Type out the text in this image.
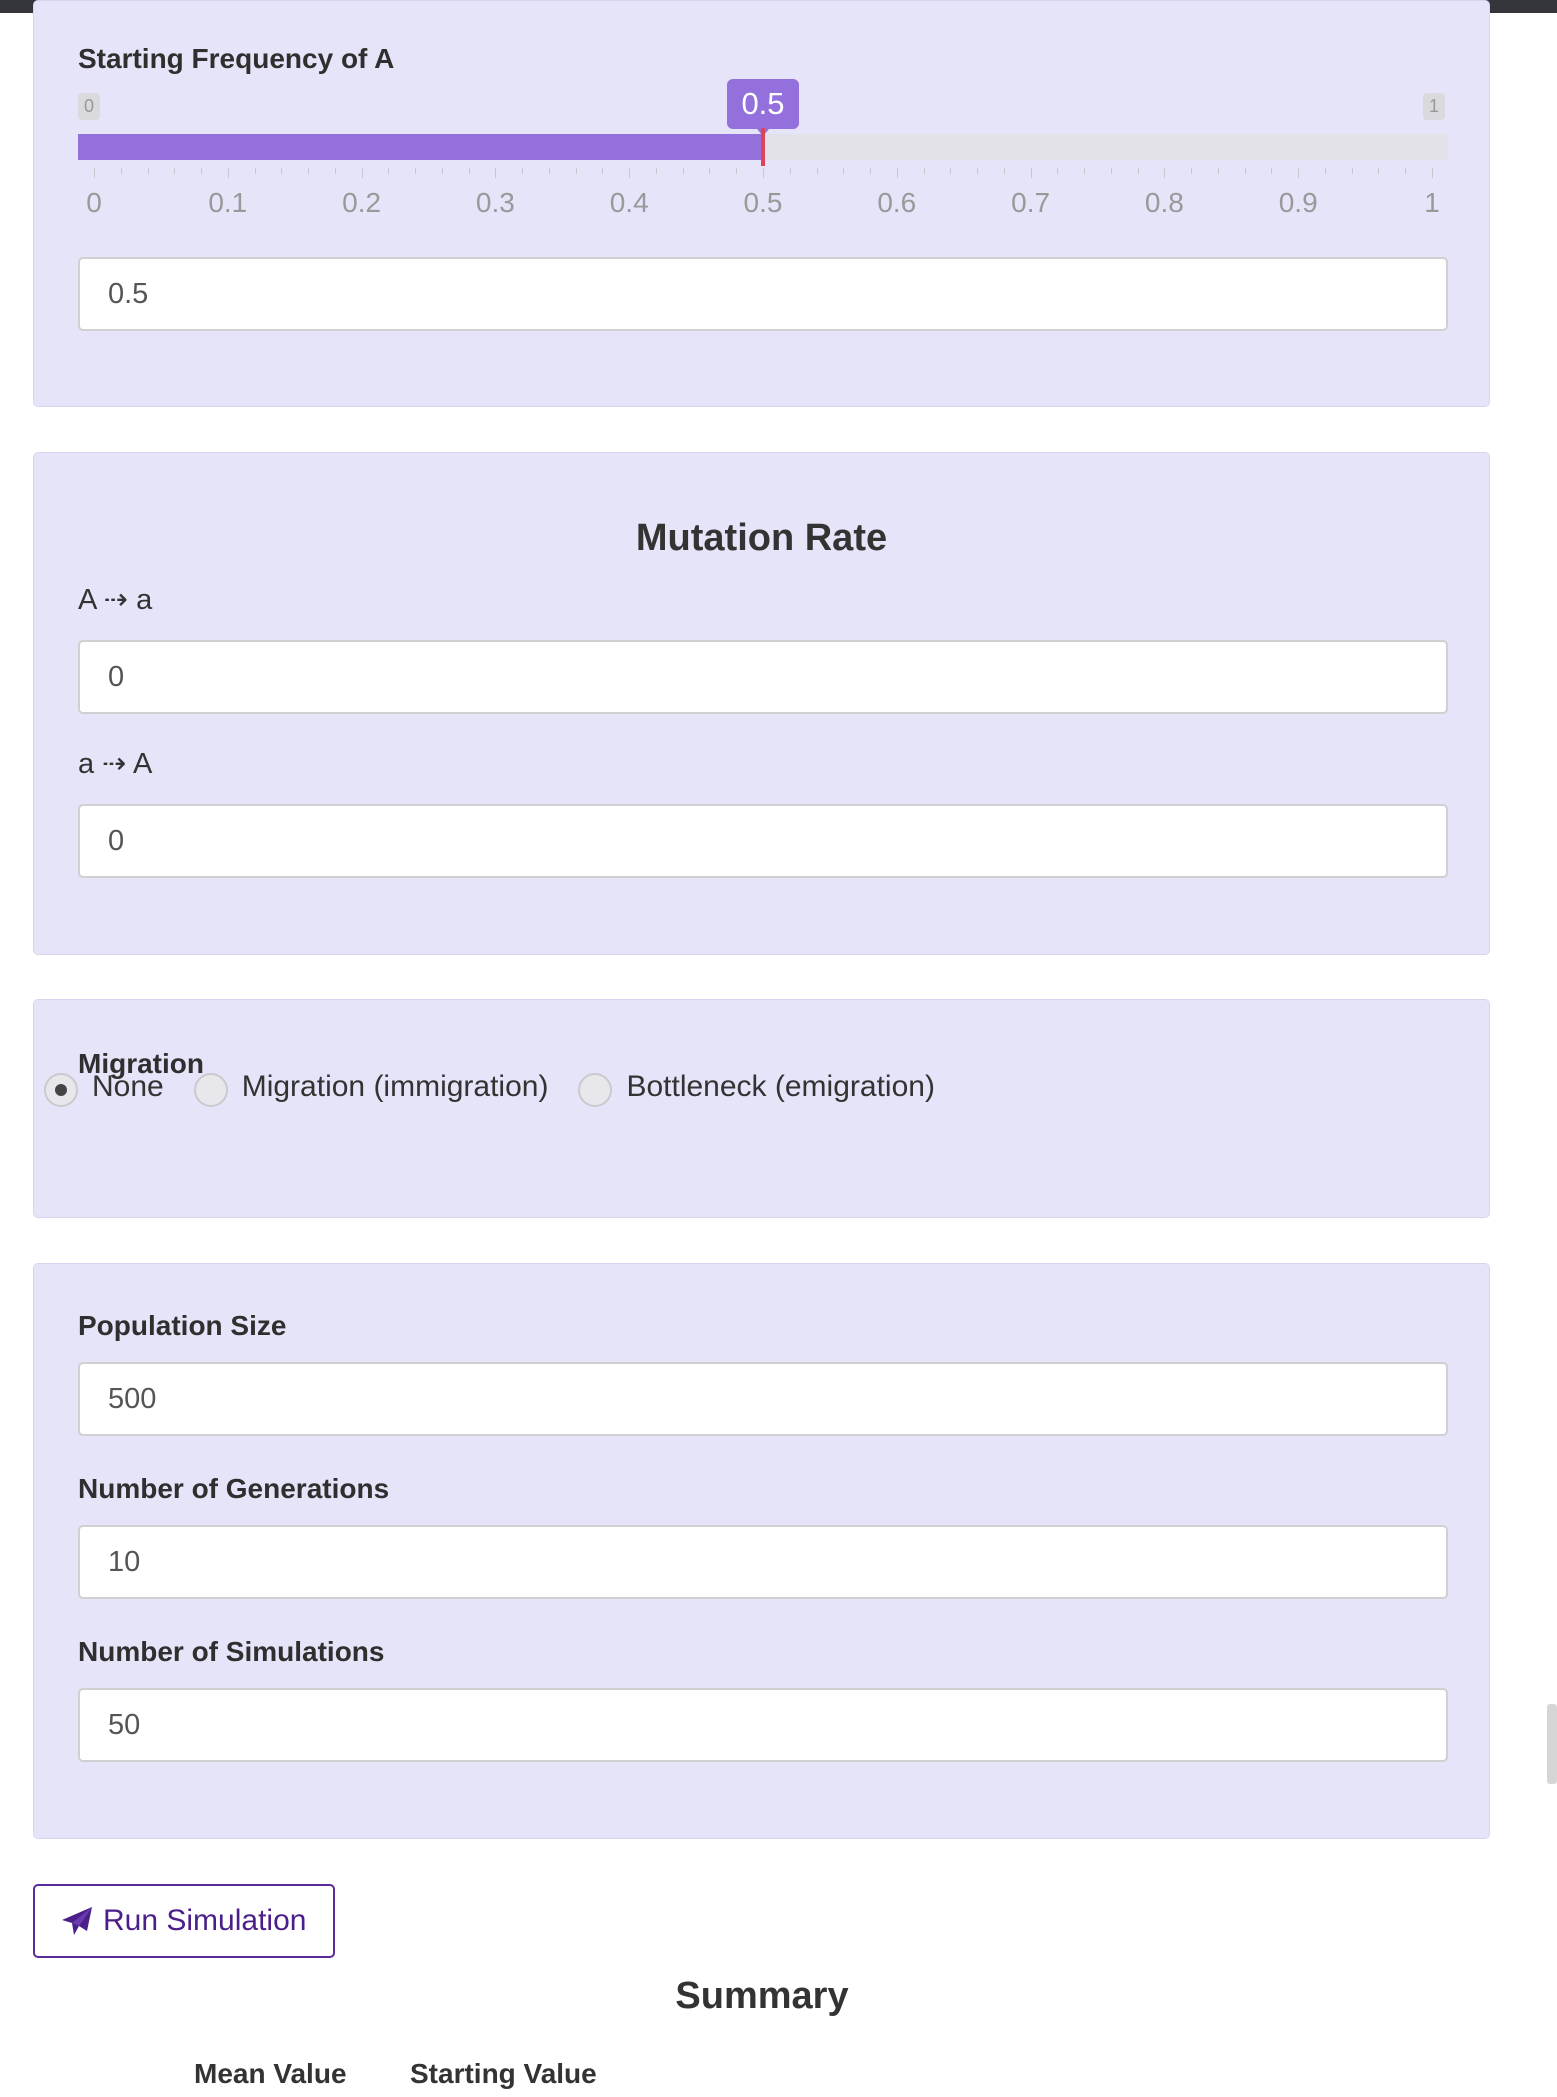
Starting Frequency of A
0	1
0.5
0	0.1	0.2	0.3	0.4	0.5	0.6	0.7	0.8	0.9	1
0.5
Mutation Rate
A ⇢ a
0
a ⇢ A
0
Migration
None	Migration (immigration)	Bottleneck (emigration)
Population Size
500
Number of Generations
10
Number of Simulations
50
Run Simulation
Summary
Mean Value Starting Value
